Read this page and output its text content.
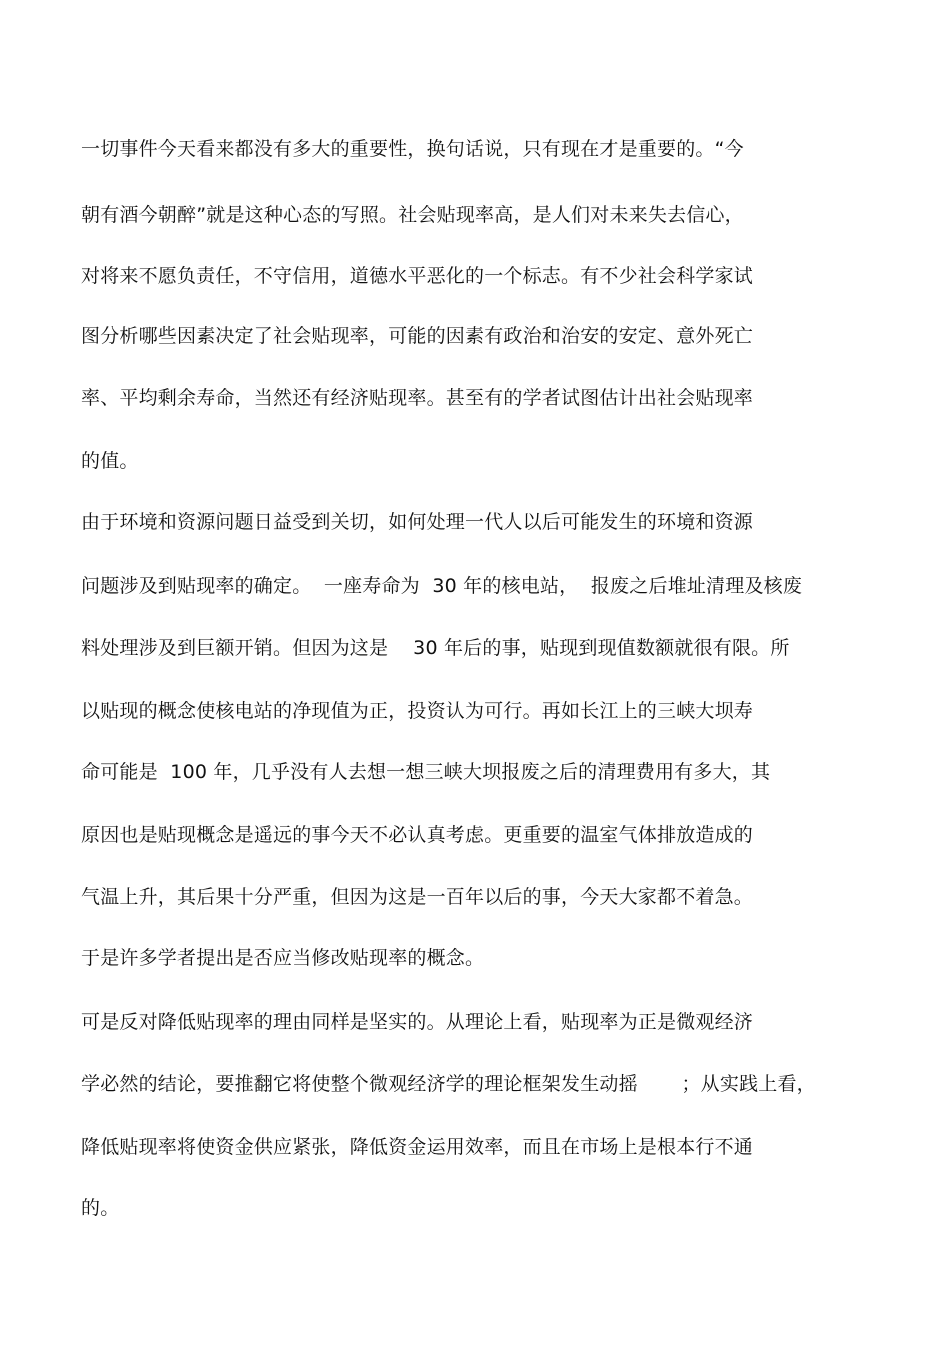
一切事件今天看来都没有多大的重要性，换句话说，只有现在才是重要的。“今
朝有酒今朝醉”就是这种心态的写照。社会贴现率高，是人们对未来失去信心，
对将来不愿负责任，不守信用，道德水平恶化的一个标志。有不少社会科学家试
图分析哪些因素决定了社会贴现率，可能的因素有政治和治安的安定、意外死亡
率、平均剩余寿命，当然还有经济贴现率。甚至有的学者试图估计出社会贴现率
的值。
由于环境和资源问题日益受到关切，如何处理一代人以后可能发生的环境和资源
问题涉及到贴现率的确定。  一座寿命为  30 年的核电站，  报废之后堆址清理及核废
料处理涉及到巨额开销。但因为这是    30 年后的事，贴现到现值数额就很有限。所
以贴现的概念使核电站的净现值为正，投资认为可行。再如长江上的三峡大坝寿
命可能是  100 年，几乎没有人去想一想三峡大坝报废之后的清理费用有多大，其
原因也是贴现概念是遥远的事今天不必认真考虑。更重要的温室气体排放造成的
气温上升，其后果十分严重，但因为这是一百年以后的事，今天大家都不着急。
于是许多学者提出是否应当修改贴现率的概念。
可是反对降低贴现率的理由同样是坚实的。从理论上看，贴现率为正是微观经济
学必然的结论，要推翻它将使整个微观经济学的理论框架发生动摇       ；从实践上看，
降低贴现率将使资金供应紧张，降低资金运用效率，而且在市场上是根本行不通
的。
